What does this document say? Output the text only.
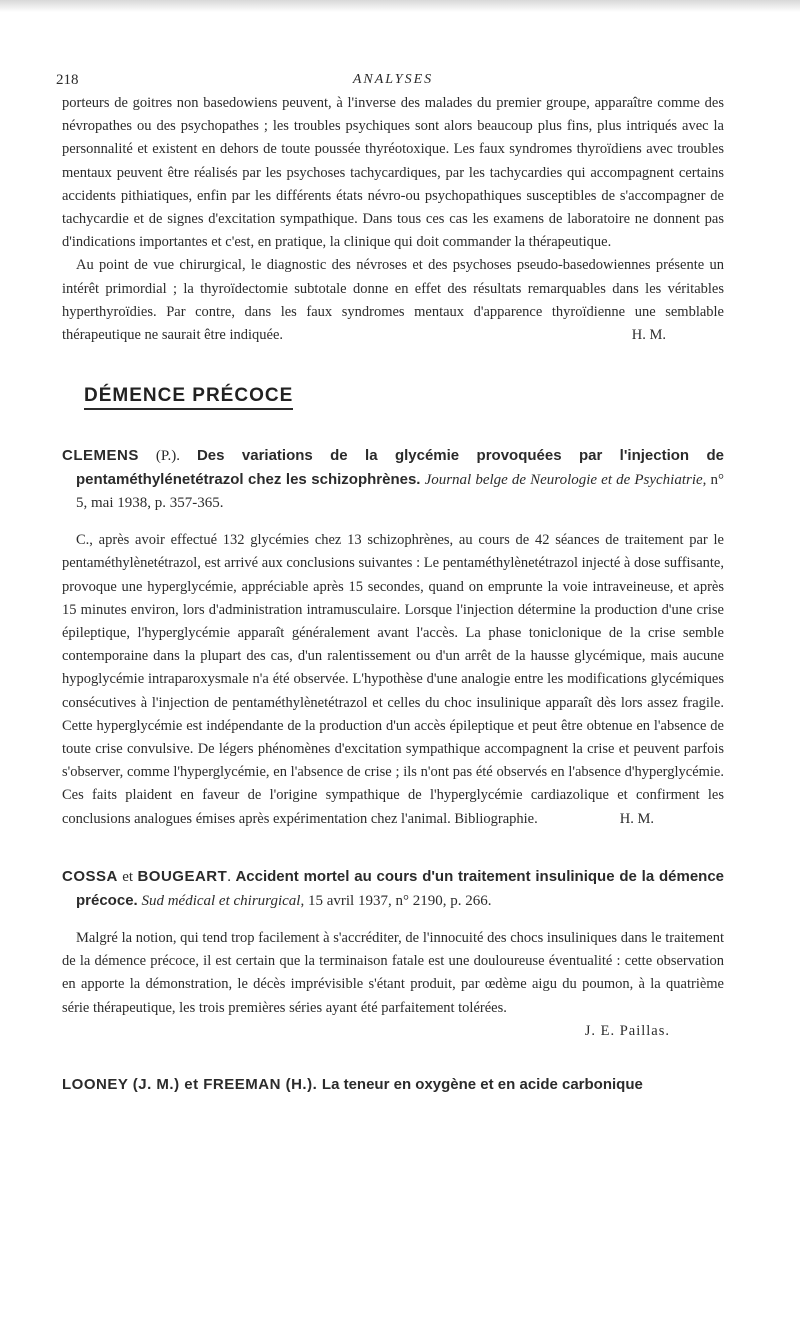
218	ANALYSES

porteurs de goitres non basedowiens peuvent, à l'inverse des malades du premier groupe, apparaître comme des névropathes ou des psychopathes ; les troubles psychiques sont alors beaucoup plus fins, plus intriqués avec la personnalité et existent en dehors de toute poussée thyréotoxique. Les faux syndromes thyroïdiens avec troubles mentaux peuvent être réalisés par les psychoses tachycardiques, par les tachycardies qui accompagnent certains accidents pithiatiques, enfin par les différents états névro-ou psychopathiques susceptibles de s'accompagner de tachycardie et de signes d'excitation sympathique. Dans tous ces cas les examens de laboratoire ne donnent pas d'indications importantes et c'est, en pratique, la clinique qui doit commander la thérapeutique.

Au point de vue chirurgical, le diagnostic des névroses et des psychoses pseudo-basedowiennes présente un intérêt primordial ; la thyroïdectomie subtotale donne en effet des résultats remarquables dans les véritables hyperthyroïdies. Par contre, dans les faux syndromes mentaux d'apparence thyroïdienne une semblable thérapeutique ne saurait être indiquée.	H. M.
DÉMENCE PRÉCOCE

CLEMENS (P.). Des variations de la glycémie provoquées par l'injection de pentaméthylénetétrazol chez les schizophrènes. Journal belge de Neurologie et de Psychiatrie, n° 5, mai 1938, p. 357-365.

C., après avoir effectué 132 glycémies chez 13 schizophrènes, au cours de 42 séances de traitement par le pentaméthylènetétrazol, est arrivé aux conclusions suivantes : Le pentaméthylènetétrazol injecté à dose suffisante, provoque une hyperglycémie, appréciable après 15 secondes, quand on emprunte la voie intraveineuse, et après 15 minutes environ, lors d'administration intramusculaire. Lorsque l'injection détermine la production d'une crise épileptique, l'hyperglycémie apparaît généralement avant l'accès. La phase toniclonique de la crise semble contemporaine dans la plupart des cas, d'un ralentissement ou d'un arrêt de la hausse glycémique, mais aucune hypoglycémie intraparoxysmale n'a été observée. L'hypothèse d'une analogie entre les modifications glycémiques consécutives à l'injection de pentaméthylènetétrazol et celles du choc insulinique apparaît dès lors assez fragile. Cette hyperglycémie est indépendante de la production d'un accès épileptique et peut être obtenue en l'absence de toute crise convulsive. De légers phénomènes d'excitation sympathique accompagnent la crise et peuvent parfois s'observer, comme l'hyperglycémie, en l'absence de crise ; ils n'ont pas été observés en l'absence d'hyperglycémie. Ces faits plaident en faveur de l'origine sympathique de l'hyperglycémie cardiazolique et confirment les conclusions analogues émises après expérimentation chez l'animal. Bibliographie.	H. M.

COSSA et BOUGEART. Accident mortel au cours d'un traitement insulinique de la démence précoce. Sud médical et chirurgical, 15 avril 1937, n° 2190, p. 266.

Malgré la notion, qui tend trop facilement à s'accréditer, de l'innocuité des chocs insuliniques dans le traitement de la démence précoce, il est certain que la terminaison fatale est une douloureuse éventualité : cette observation en apporte la démonstration, le décès imprévisible s'étant produit, par œdème aigu du poumon, à la quatrième série thérapeutique, les trois premières séries ayant été parfaitement tolérées.

J. E. Paillas.

LOONEY (J. M.) et FREEMAN (H.). La teneur en oxygène et en acide carbonique
